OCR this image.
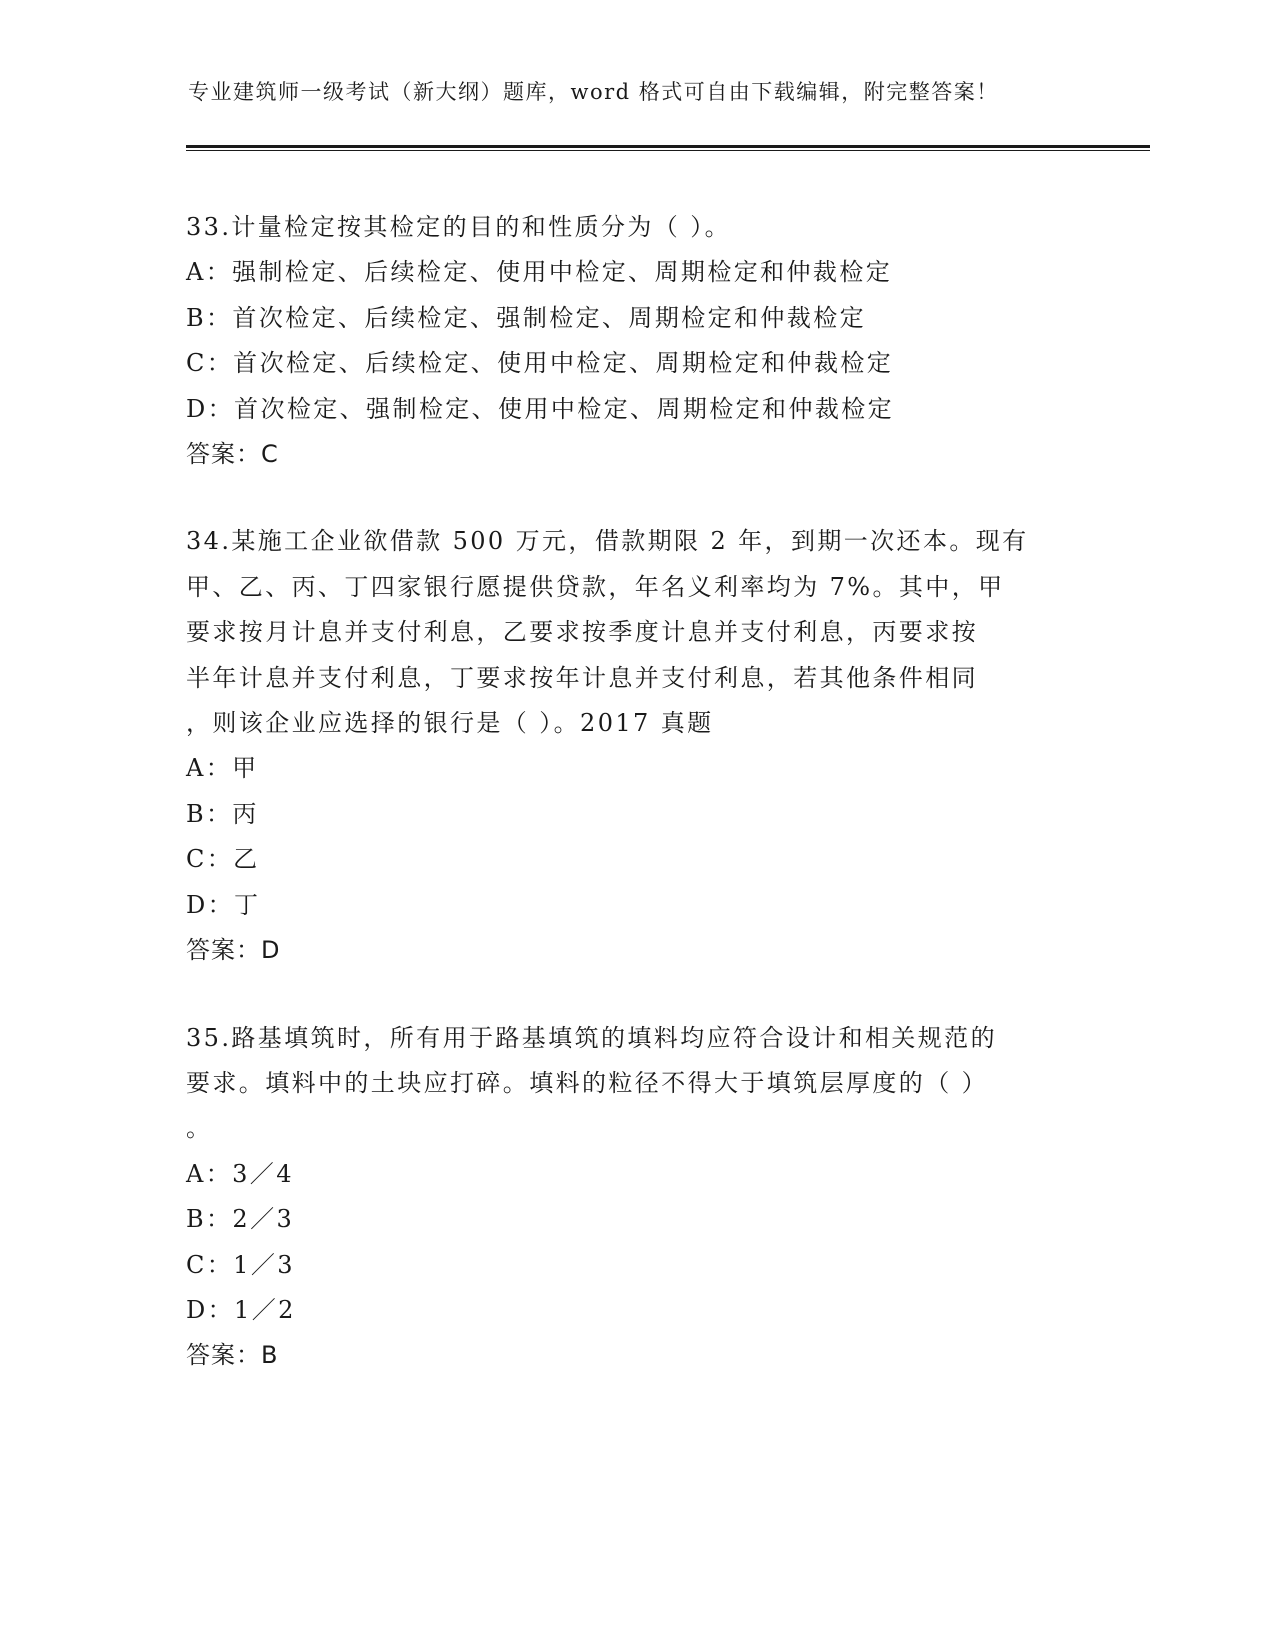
专业建筑师一级考试（新大纲）题库，word 格式可自由下载编辑，附完整答案！
33.计量检定按其检定的目的和性质分为（ ）。
A：强制检定、后续检定、使用中检定、周期检定和仲裁检定
B：首次检定、后续检定、强制检定、周期检定和仲裁检定
C：首次检定、后续检定、使用中检定、周期检定和仲裁检定
D：首次检定、强制检定、使用中检定、周期检定和仲裁检定
答案：C
34.某施工企业欲借款 500 万元，借款期限 2 年，到期一次还本。现有
甲、乙、丙、丁四家银行愿提供贷款，年名义利率均为 7%。其中，甲
要求按月计息并支付利息，乙要求按季度计息并支付利息，丙要求按
半年计息并支付利息，丁要求按年计息并支付利息，若其他条件相同
，则该企业应选择的银行是（ ）。2017 真题
A：甲
B：丙
C：乙
D：丁
答案：D
35.路基填筑时，所有用于路基填筑的填料均应符合设计和相关规范的
要求。填料中的土块应打碎。填料的粒径不得大于填筑层厚度的（ ）
。
A：3／4
B：2／3
C：1／3
D：1／2
答案：B
